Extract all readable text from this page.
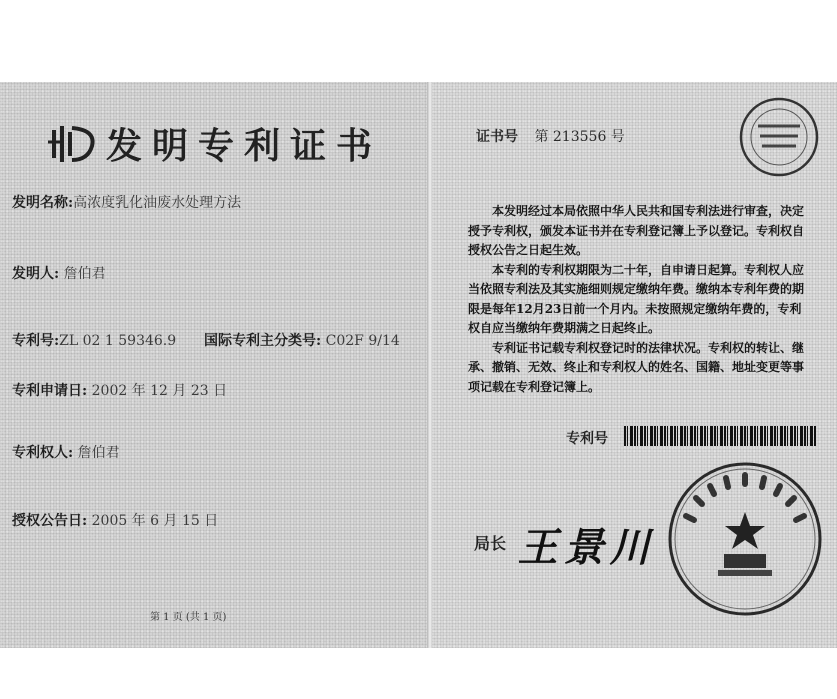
发明专利证书
发明名称:高浓度乳化油废水处理方法
发明人: 詹伯君
专利号:ZL 02 1 59346.9 国际专利主分类号: C02F 9/14
专利申请日: 2002 年 12 月 23 日
专利权人: 詹伯君
授权公告日: 2005 年 6 月 15 日
第 1 页 (共 1 页)
证书号 第 213556 号

本发明经过本局依照中华人民共和国专利法进行审查，决定授予专利权，颁发本证书并在专利登记簿上予以登记。专利权自授权公告之日起生效。

本专利的专利权期限为二十年，自申请日起算。专利权人应当依照专利法及其实施细则规定缴纳年费。缴纳本专利年费的期限是每年12月23日前一个月内。未按照规定缴纳年费的，专利权自应当缴纳年费期满之日起终止。

专利证书记载专利权登记时的法律状况。专利权的转让、继承、撤销、无效、终止和专利权人的姓名、国籍、地址变更等事项记载在专利登记簿上。

专利号
局长 王景川
